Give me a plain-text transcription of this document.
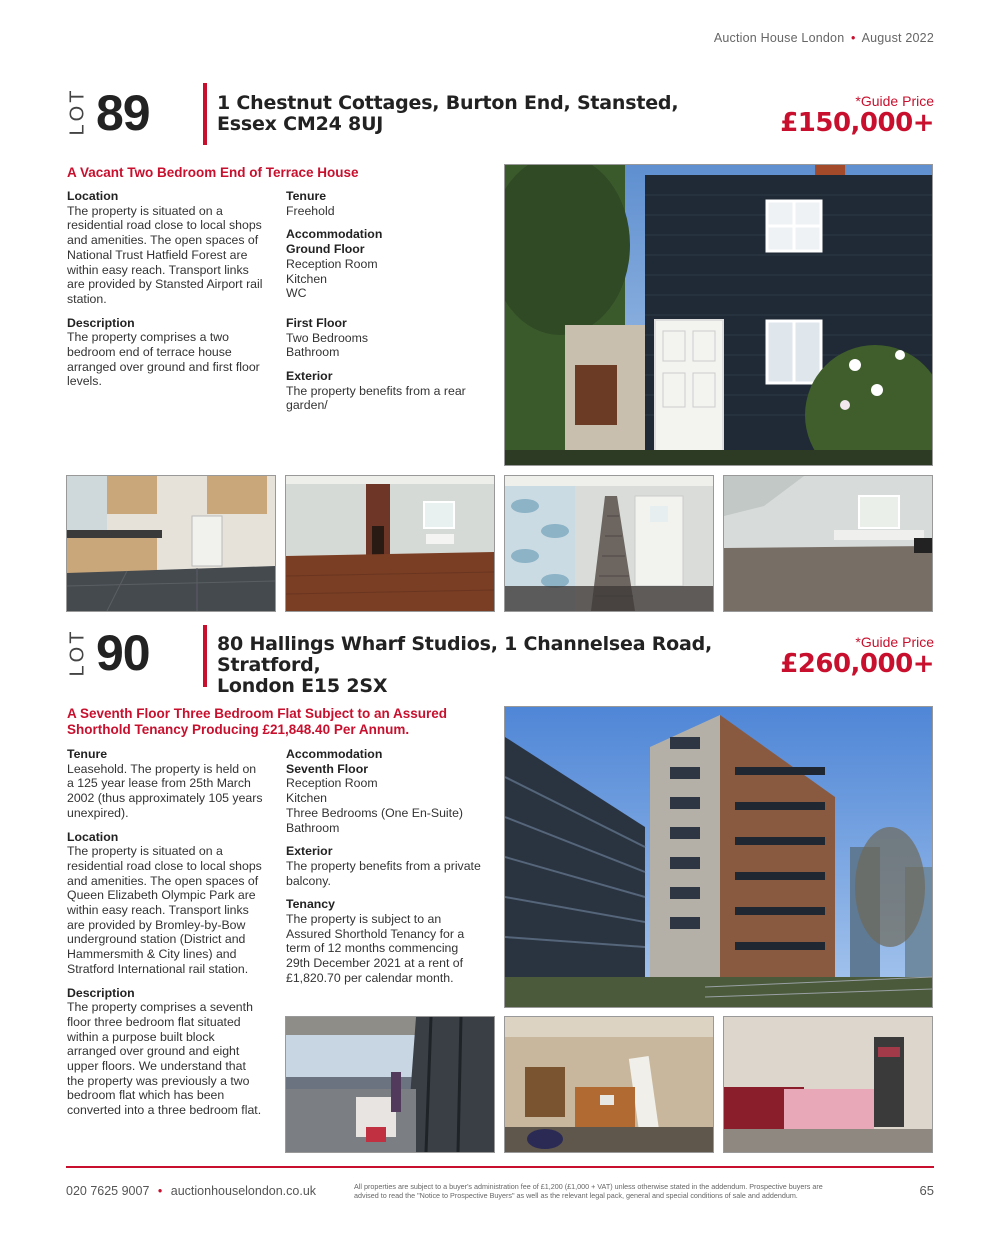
Auction House London • August 2022
LOT 89	1 Chestnut Cottages, Burton End, Stansted,
Essex CM24 8UJ
*Guide Price
£150,000+
A Vacant Two Bedroom End of Terrace House
Location
The property is situated on a
residential road close to local shops
and amenities. The open spaces of
National Trust Hatfield Forest are
within easy reach. Transport links
are provided by Stansted Airport rail
station.
Description
The property comprises a two
bedroom end of terrace house
arranged over ground and first floor
levels.
Tenure
Freehold
Accommodation
Ground Floor
Reception Room
Kitchen
WC
First Floor
Two Bedrooms
Bathroom
Exterior
The property benefits from a rear
garden/
LOT 90	80 Hallings Wharf Studios, 1 Channelsea Road, Stratford,
London E15 2SX
*Guide Price
£260,000+
A Seventh Floor Three Bedroom Flat Subject to an Assured
Shorthold Tenancy Producing £21,848.40 Per Annum.
Tenure
Leasehold. The property is held on
a 125 year lease from 25th March
2002 (thus approximately 105 years
unexpired).
Location
The property is situated on a
residential road close to local shops
and amenities. The open spaces of
Queen Elizabeth Olympic Park are
within easy reach. Transport links
are provided by Bromley-by-Bow
underground station (District and
Hammersmith & City lines) and
Stratford International rail station.
Description
The property comprises a seventh
floor three bedroom flat situated
within a purpose built block
arranged over ground and eight
upper floors. We understand that
the property was previously a two
bedroom flat which has been
converted into a three bedroom flat.
Accommodation
Seventh Floor
Reception Room
Kitchen
Three Bedrooms (One En-Suite)
Bathroom
Exterior
The property benefits from a private
balcony.
Tenancy
The property is subject to an
Assured Shorthold Tenancy for a
term of 12 months commencing
29th December 2021 at a rent of
£1,820.70 per calendar month.
020 7625 9007 • auctionhouselondon.co.uk	All properties are subject to a buyer's administration fee of £1,200 (£1,000 + VAT) unless otherwise stated in the addendum. Prospective buyers are advised to read the "Notice to Prospective Buyers" as well as the relevant legal pack, general and special conditions of sale and addendum.	65
